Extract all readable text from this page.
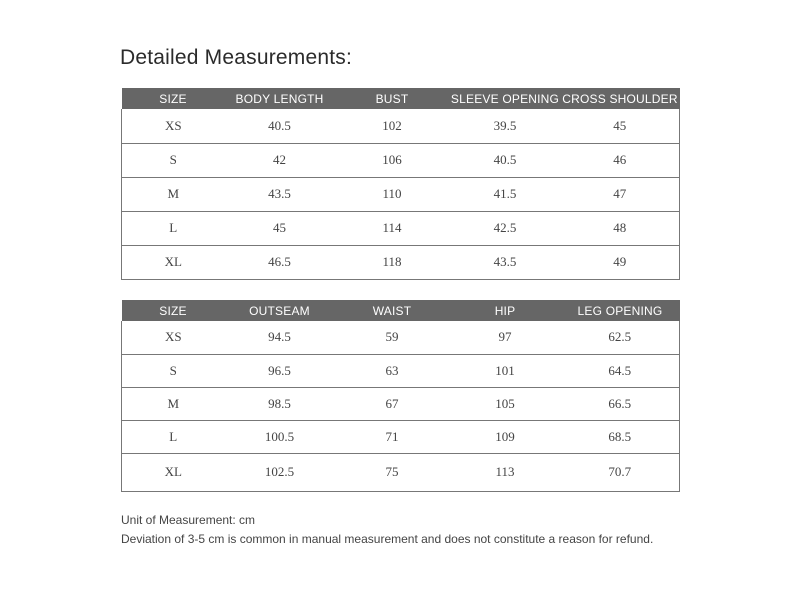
Detailed Measurements:
SIZE	BODY LENGTH	BUST	SLEEVE OPENING	CROSS SHOULDER
XS	40.5	102	39.5	45
S	42	106	40.5	46
M	43.5	110	41.5	47
L	45	114	42.5	48
XL	46.5	118	43.5	49
SIZE	OUTSEAM	WAIST	HIP	LEG OPENING
XS	94.5	59	97	62.5
S	96.5	63	101	64.5
M	98.5	67	105	66.5
L	100.5	71	109	68.5
XL	102.5	75	113	70.7
Unit of Measurement: cm
Deviation of 3-5 cm is common in manual measurement and does not constitute a reason for refund.
